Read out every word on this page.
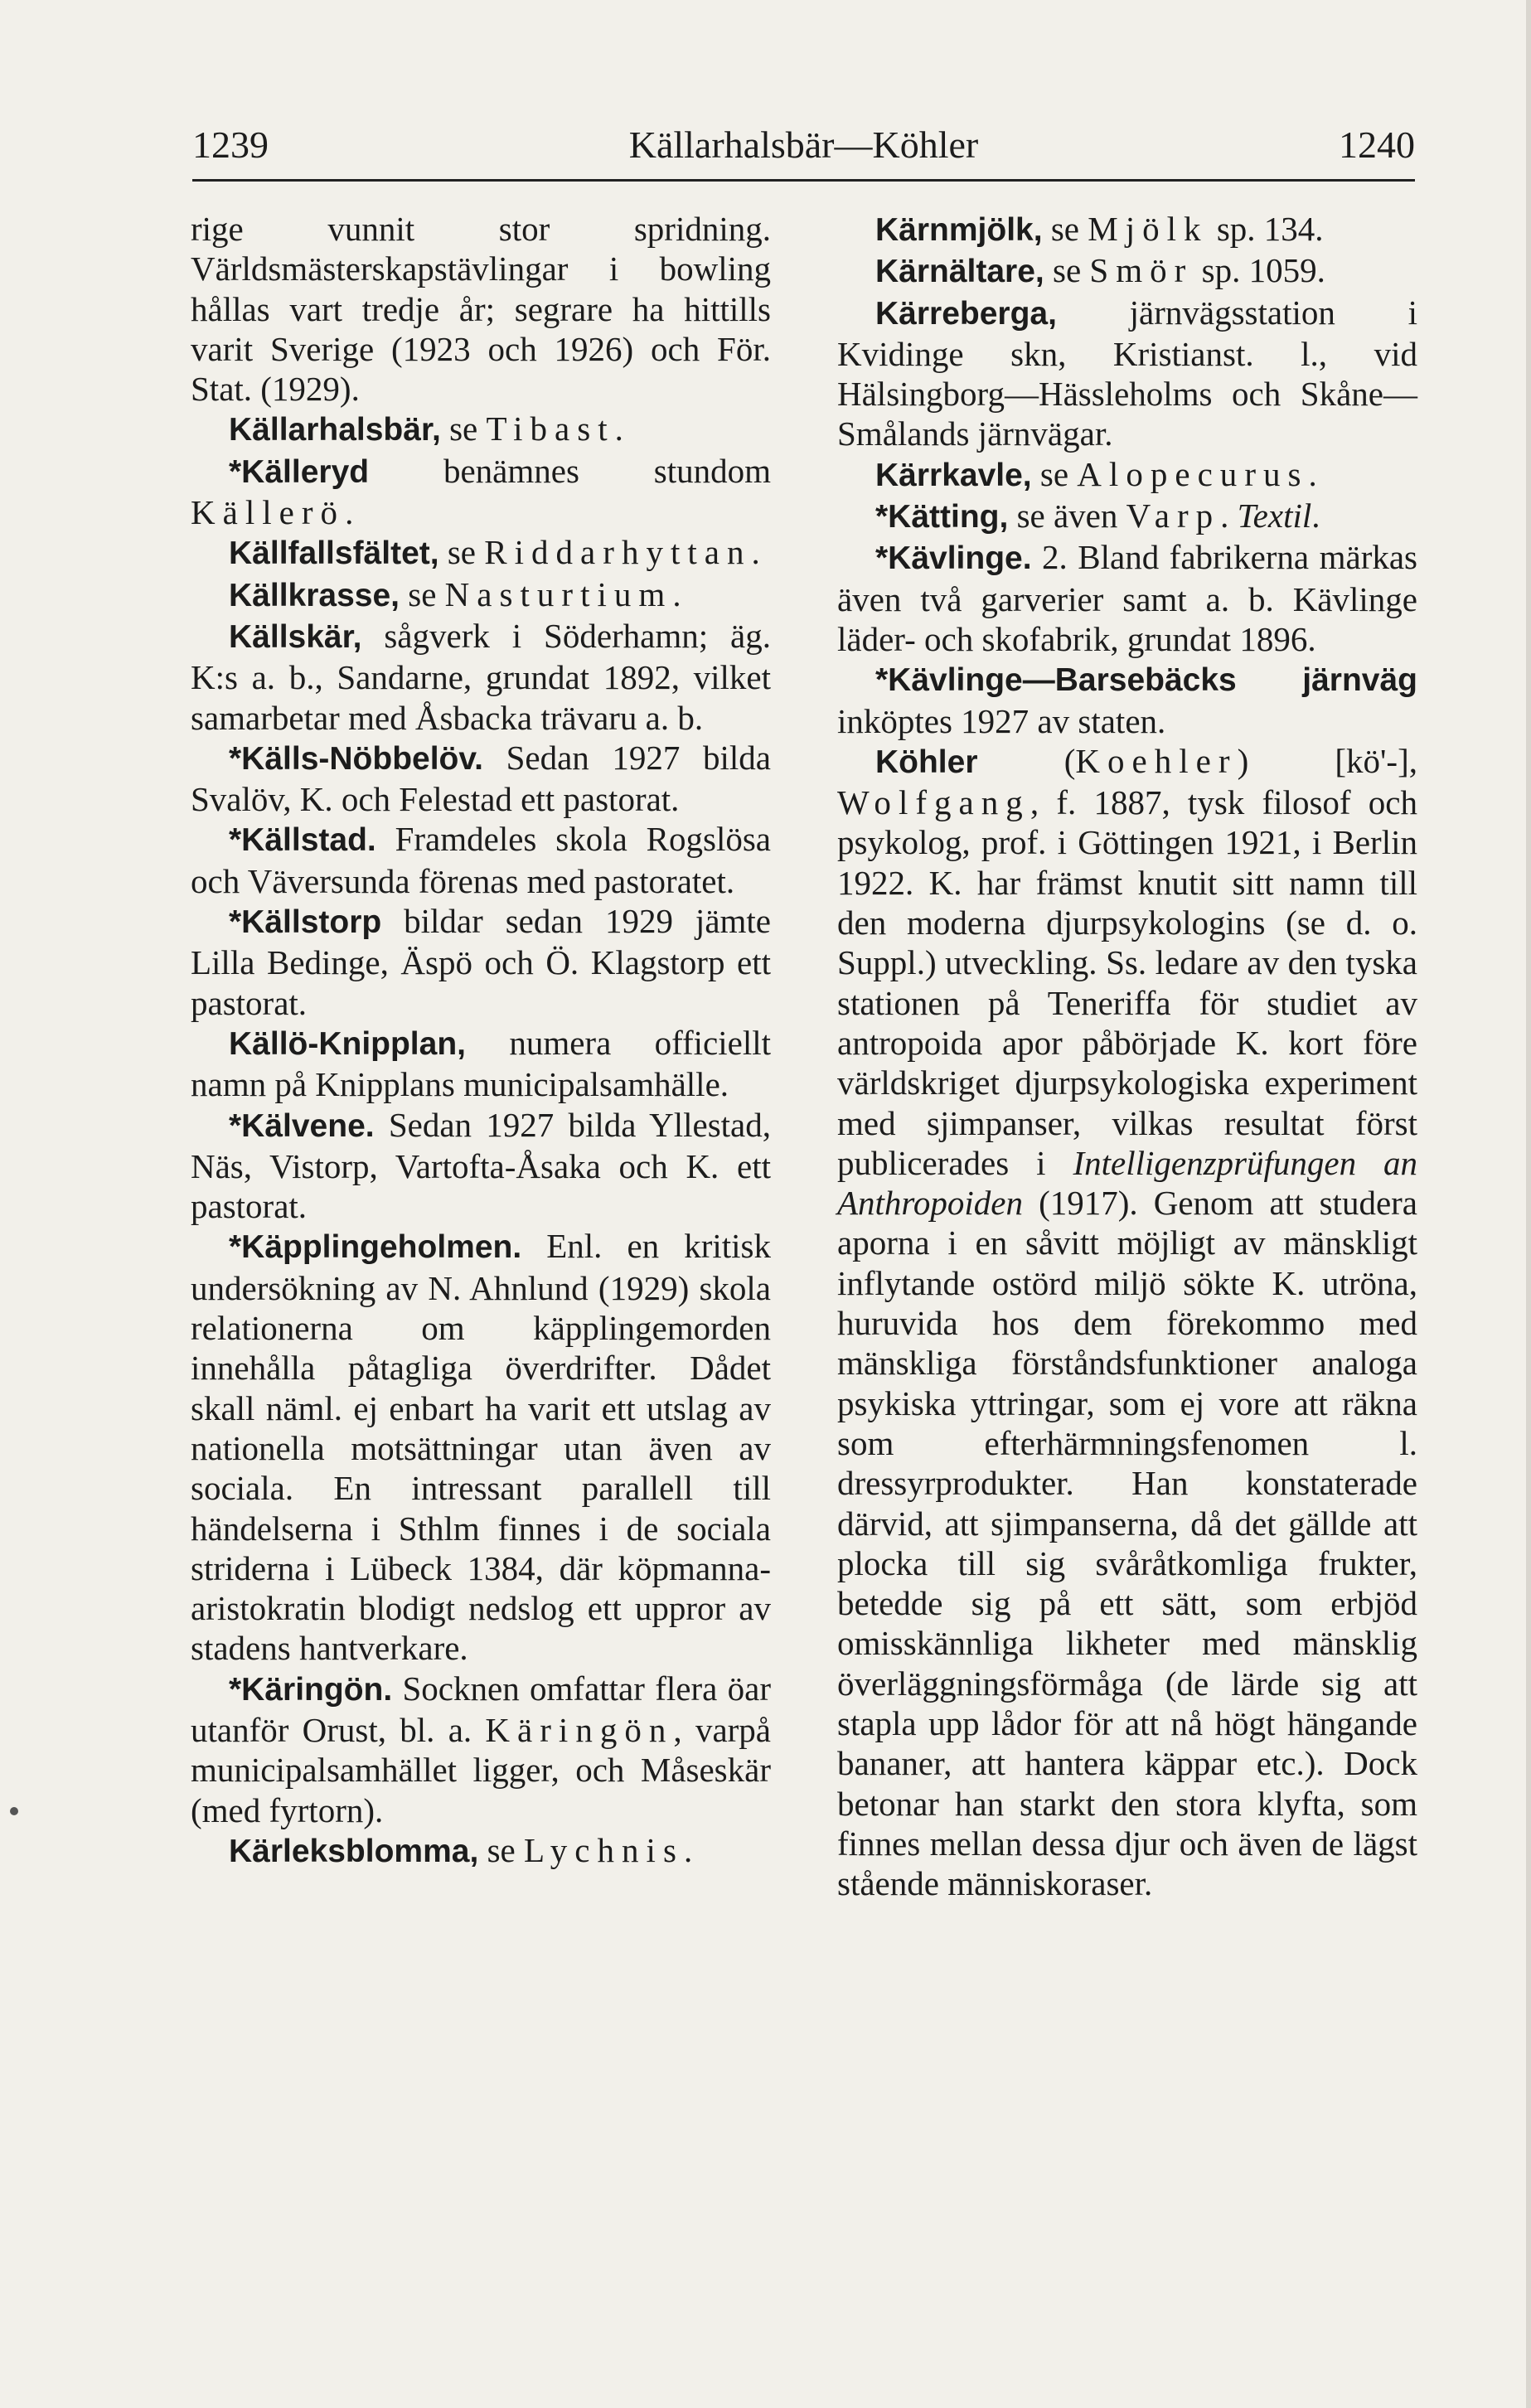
1239	Källarhalsbär—Köhler	1240

rige vunnit stor spridning. Världsmästerskapstävlingar i bowling hållas vart tredje år; segrare ha hittills varit Sverige (1923 och 1926) och För. Stat. (1929).

Källarhalsbär, se Tibast.

*Källeryd benämnes stundom Källerö.

Källfallsfältet, se Riddarhyttan.

Källkrasse, se Nasturtium.

Källskär, sågverk i Söderhamn; äg. K:s a. b., Sandarne, grundat 1892, vilket samarbetar med Åsbacka trävaru a. b.

*Källs-Nöbbelöv. Sedan 1927 bilda Svalöv, K. och Felestad ett pastorat.

*Källstad. Framdeles skola Rogslösa och Väversunda förenas med pastoratet.

*Källstorp bildar sedan 1929 jämte Lilla Bedinge, Äspö och Ö. Klagstorp ett pastorat.

Källö-Knipplan, numera officiellt namn på Knipplans municipalsamhälle.

*Kälvene. Sedan 1927 bilda Yllestad, Näs, Vistorp, Vartofta-Åsaka och K. ett pastorat.

*Käpplingeholmen. Enl. en kritisk undersökning av N. Ahnlund (1929) skola relationerna om käpplingemorden innehålla påtagliga överdrifter. Dådet skall näml. ej enbart ha varit ett utslag av nationella motsättningar utan även av sociala. En intressant parallell till händelserna i Sthlm finnes i de sociala striderna i Lübeck 1384, där köpmanna-aristokratin blodigt nedslog ett uppror av stadens hantverkare.

*Käringön. Socknen omfattar flera öar utanför Orust, bl. a. Käringön, varpå municipalsamhället ligger, och Måseskär (med fyrtorn).

Kärleksblomma, se Lychnis.

Kärnmjölk, se Mjölk sp. 134.

Kärnältare, se Smör sp. 1059.

Kärreberga, järnvägsstation i Kvidinge skn, Kristianst. l., vid Hälsingborg—Hässleholms och Skåne—Smålands järnvägar.

Kärrkavle, se Alopecurus.

*Kätting, se även Varp. Textil.

*Kävlinge. 2. Bland fabrikerna märkas även två garverier samt a. b. Kävlinge läder- och skofabrik, grundat 1896.

*Kävlinge—Barsebäcks järnväg inköptes 1927 av staten.

Köhler (Koehler) [kö'-], Wolfgang, f. 1887, tysk filosof och psykolog, prof. i Göttingen 1921, i Berlin 1922. K. har främst knutit sitt namn till den moderna djurpsykologins (se d. o. Suppl.) utveckling. Ss. ledare av den tyska stationen på Teneriffa för studiet av antropoida apor påbörjade K. kort före världskriget djurpsykologiska experiment med sjimpanser, vilkas resultat först publicerades i Intelligenzprüfungen an Anthropoiden (1917). Genom att studera aporna i en såvitt möjligt av mänskligt inflytande ostörd miljö sökte K. utröna, huruvida hos dem förekommo med mänskliga förståndsfunktioner analoga psykiska yttringar, som ej vore att räkna som efterhärmningsfenomen l. dressyrprodukter. Han konstaterade därvid, att sjimpanserna, då det gällde att plocka till sig svåråtkomliga frukter, betedde sig på ett sätt, som erbjöd omisskännliga likheter med mänsklig överläggningsförmåga (de lärde sig att stapla upp lådor för att nå högt hängande bananer, att hantera käppar etc.). Dock betonar han starkt den stora klyfta, som finnes mellan dessa djur och även de lägst stående människoraser.
